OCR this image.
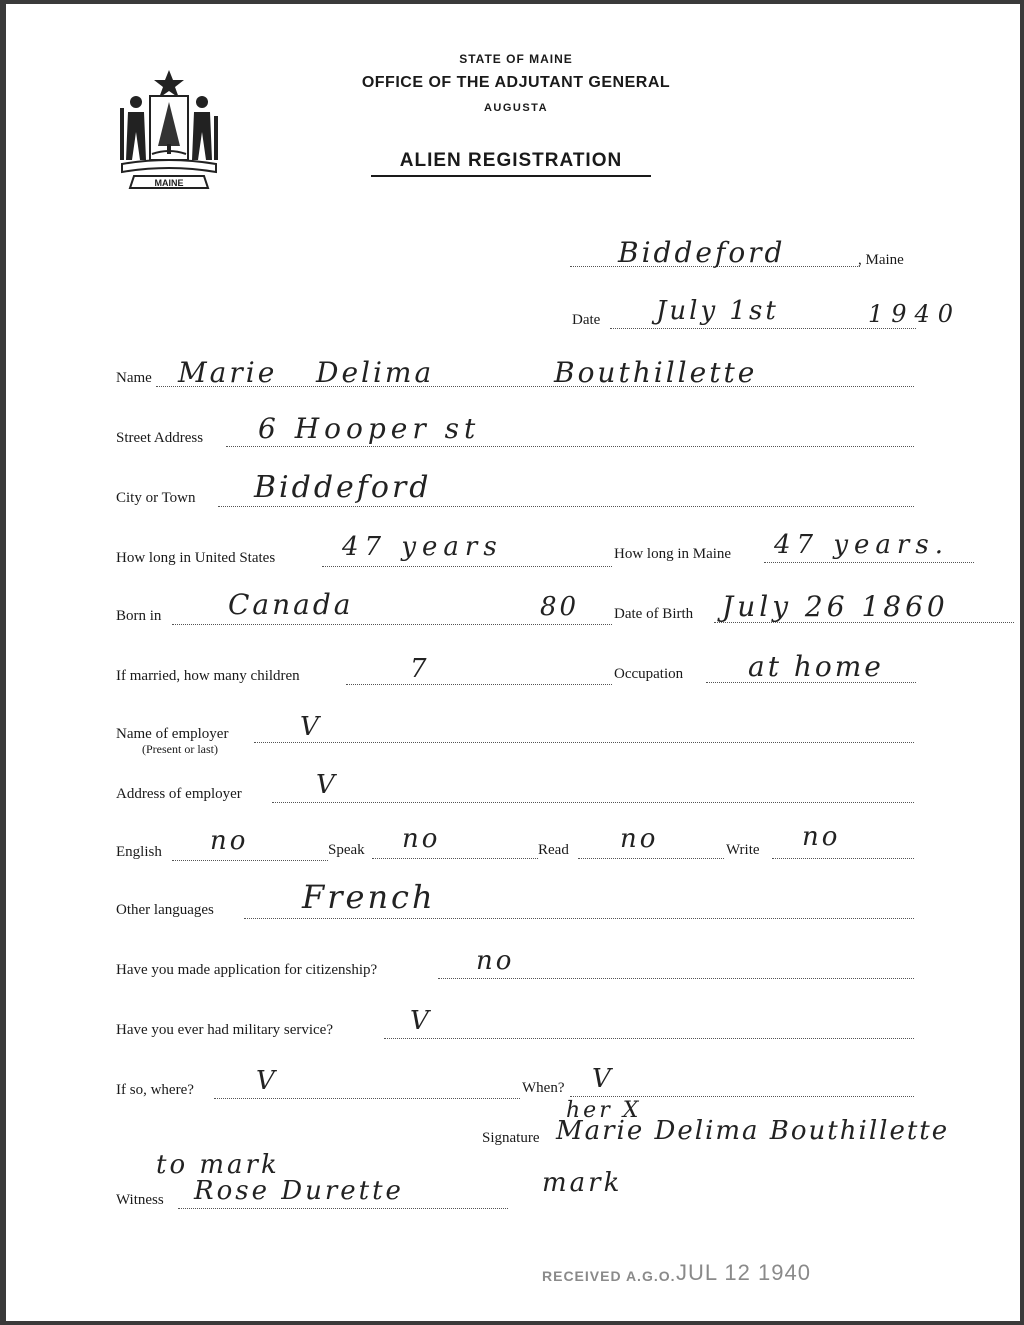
MAINE
STATE OF MAINE
OFFICE OF THE ADJUTANT GENERAL
AUGUSTA
ALIEN REGISTRATION
Biddeford	, Maine
Date July 1st	1940
Name Marie Delima	Bouthillette
Street Address 6 Hooper st
City or Town Biddeford
How long in United States	47 years	How long in Maine 47 years.
Born in Canada	80 Date of Birth July 26 1860
If married, how many children	7	Occupation at home
Name of employer
(Present or last)
V
Address of employer	V
English no	Speak no	Read no	Write no
Other languages	French
Have you made application for citizenship?	no
Have you ever had military service?	V
If so, where? V	When? V
her X
Signature Marie Delima Bouthillette
to mark
Witness Rose Durette	mark
RECEIVED A.G.O. JUL 12 1940
